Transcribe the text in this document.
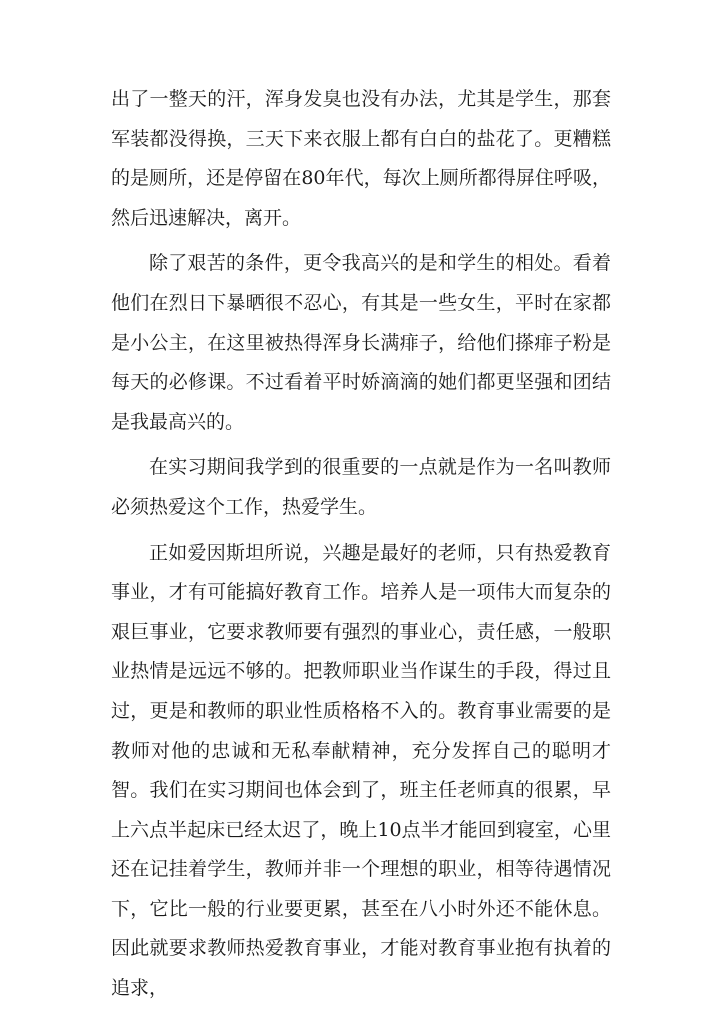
出了一整天的汗，浑身发臭也没有办法，尤其是学生，那套军装都没得换，三天下来衣服上都有白白的盐花了。更糟糕的是厕所，还是停留在80年代，每次上厕所都得屏住呼吸，然后迅速解决，离开。

除了艰苦的条件，更令我高兴的是和学生的相处。看着他们在烈日下暴晒很不忍心，有其是一些女生，平时在家都是小公主，在这里被热得浑身长满痱子，给他们搽痱子粉是每天的必修课。不过看着平时娇滴滴的她们都更坚强和团结是我最高兴的。

在实习期间我学到的很重要的一点就是作为一名叫教师必须热爱这个工作，热爱学生。

正如爱因斯坦所说，兴趣是最好的老师，只有热爱教育事业，才有可能搞好教育工作。培养人是一项伟大而复杂的艰巨事业，它要求教师要有强烈的事业心，责任感，一般职业热情是远远不够的。把教师职业当作谋生的手段，得过且过，更是和教师的职业性质格格不入的。教育事业需要的是教师对他的忠诚和无私奉献精神，充分发挥自己的聪明才智。我们在实习期间也体会到了，班主任老师真的很累，早上六点半起床已经太迟了，晚上10点半才能回到寝室，心里还在记挂着学生，教师并非一个理想的职业，相等待遇情况下，它比一般的行业要更累，甚至在八小时外还不能休息。因此就要求教师热爱教育事业，才能对教育事业抱有执着的追求，
